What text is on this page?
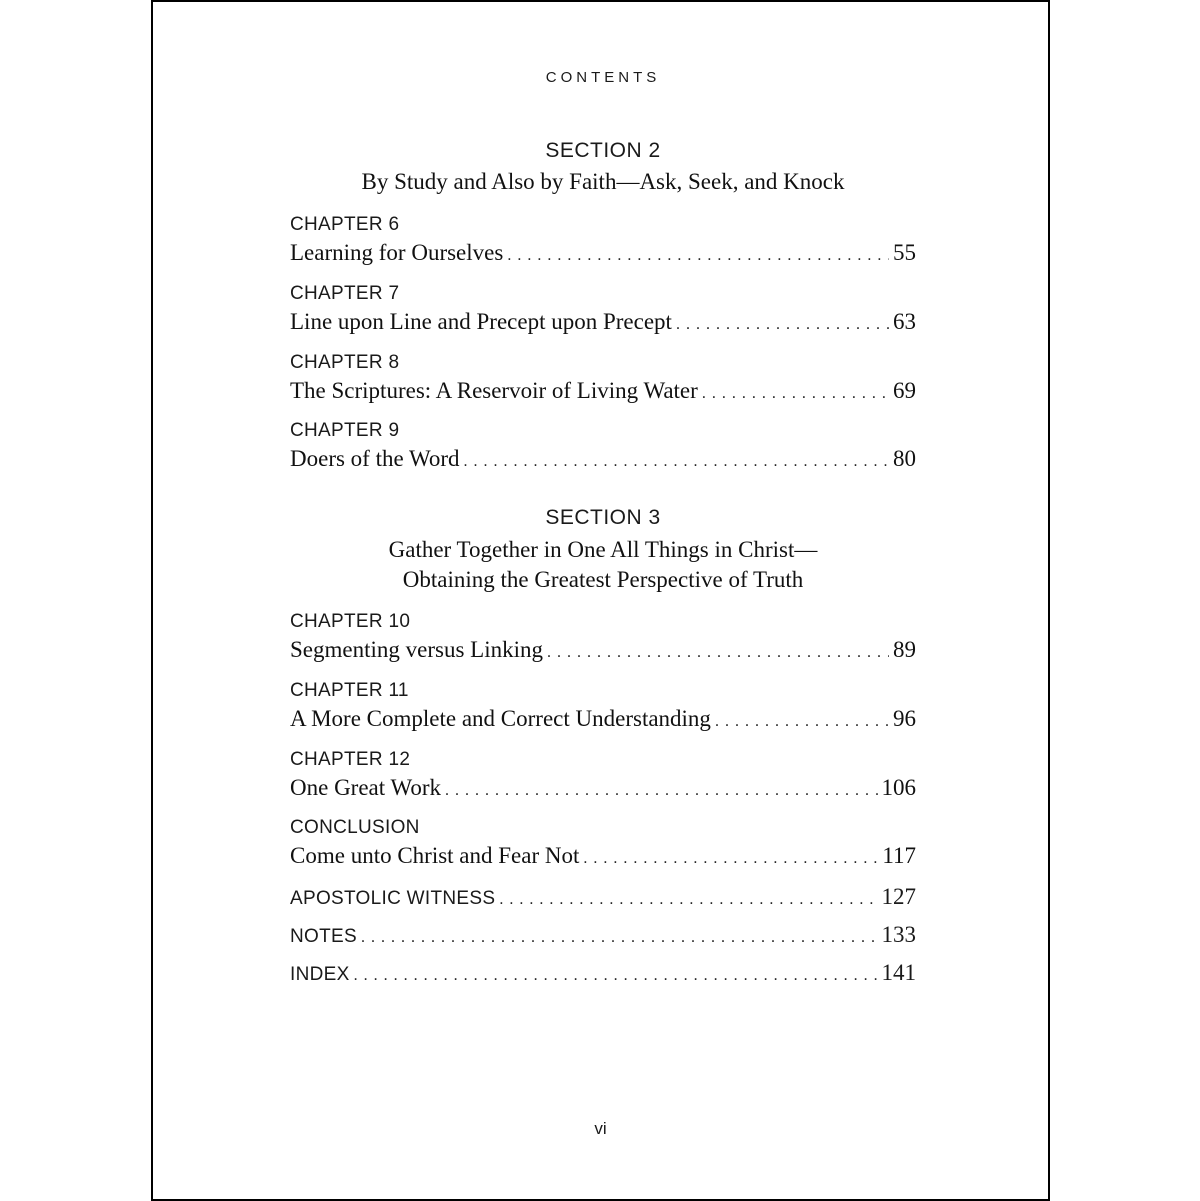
CONTENTS
SECTION 2
By Study and Also by Faith—Ask, Seek, and Knock
CHAPTER 6
Learning for Ourselves . . .	55
CHAPTER 7
Line upon Line and Precept upon Precept . . .	63
CHAPTER 8
The Scriptures: A Reservoir of Living Water . . .	69
CHAPTER 9
Doers of the Word . . .	80
SECTION 3
Gather Together in One All Things in Christ—
Obtaining the Greatest Perspective of Truth
CHAPTER 10
Segmenting versus Linking . . .	89
CHAPTER 11
A More Complete and Correct Understanding . . .	96
CHAPTER 12
One Great Work . . .	106
CONCLUSION
Come unto Christ and Fear Not . . .	117
APOSTOLIC WITNESS . . .	127
NOTES . . .	133
INDEX . . .	141
vi
